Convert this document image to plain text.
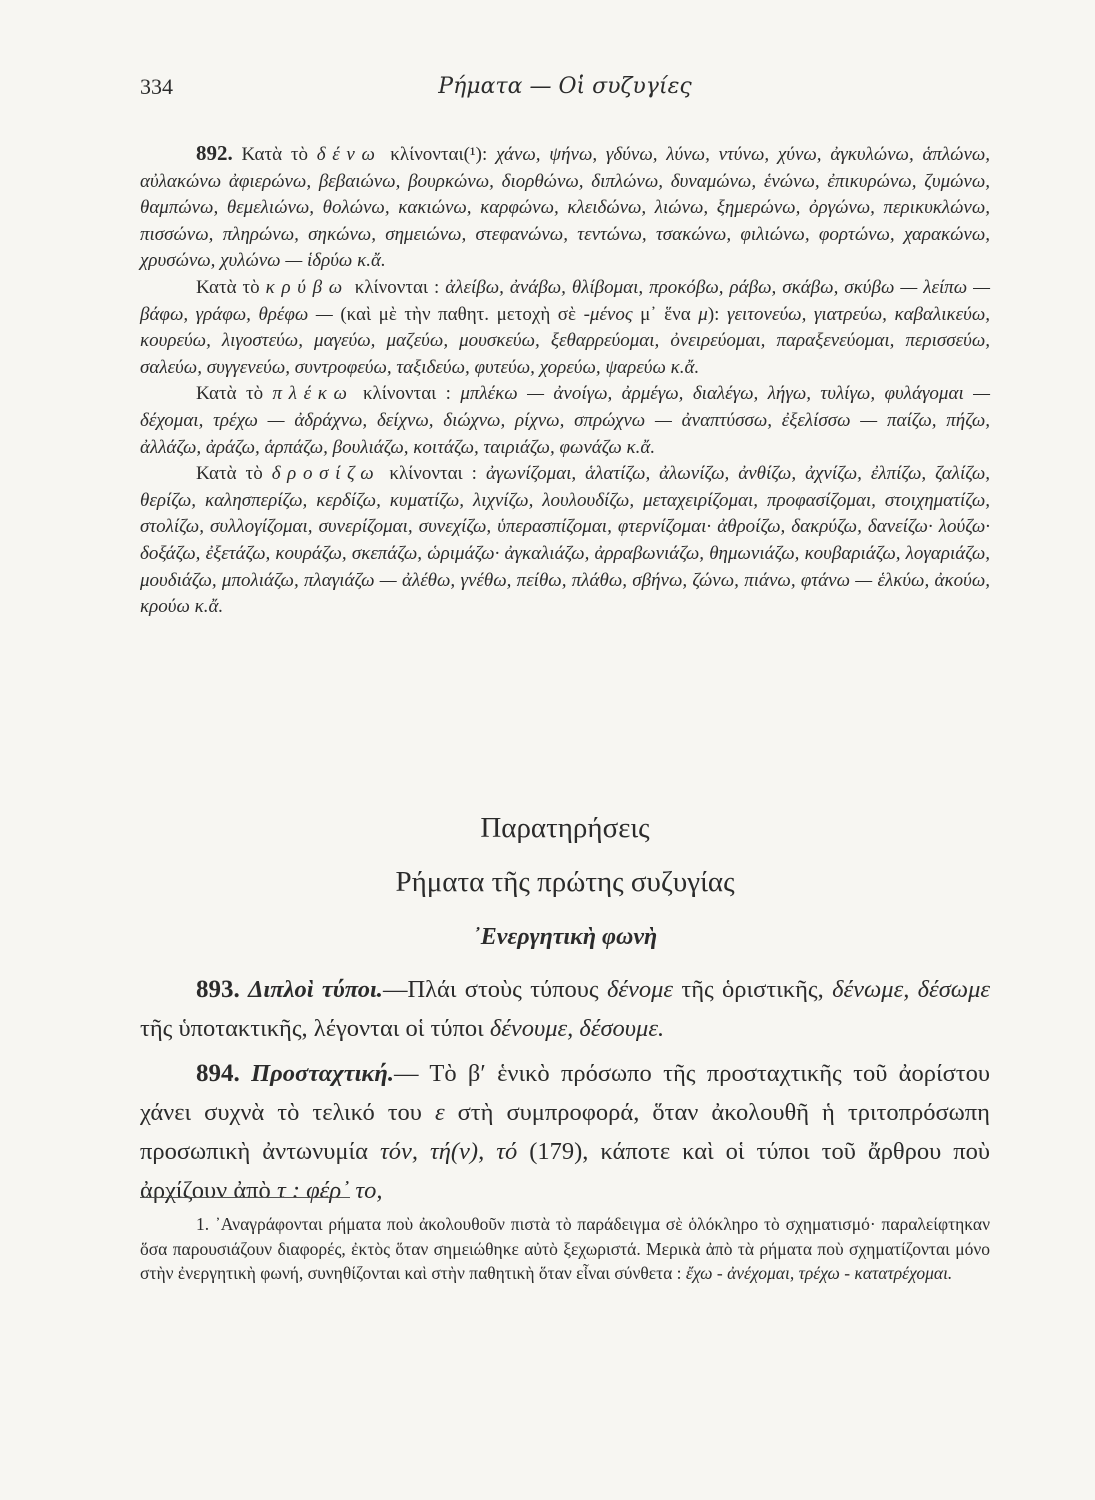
334	Ρήματα — Οἱ συζυγίες

892. Κατὰ τὸ δένω κλίνονται(¹): χάνω, ψήνω, γδύνω, λύνω, ντύνω, χύνω, ἀγκυλώνω, ἁπλώνω, αὐλακώνω ἀφιερώνω, βεβαιώνω, βουρκώνω, διορθώνω, διπλώνω, δυναμώνω, ἑνώνω, ἐπικυρώνω, ζυμώνω, θαμπώνω, θεμελιώνω, θολώνω, κακιώνω, καρφώνω, κλειδώνω, λιώνω, ξημερώνω, ὀργώνω, περικυκλώνω, πισσώνω, πληρώνω, σηκώνω, σημειώνω, στεφανώνω, τεντώνω, τσακώνω, φιλιώνω, φορτώνω, χαρακώνω, χρυσώνω, χυλώνω — ἱδρύω κ.ἄ.

Κατὰ τὸ κρύβω κλίνονται : ἀλείβω, ἀνάβω, θλίβομαι, προκόβω, ράβω, σκάβω, σκύβω — λείπω — βάφω, γράφω, θρέφω — (καὶ μὲ τὴν παθητ. μετοχὴ σὲ -μένος μ᾽ ἕνα μ): γειτονεύω, γιατρεύω, καβαλικεύω, κουρεύω, λιγοστεύω, μαγεύω, μαζεύω, μουσκεύω, ξεθαρρεύομαι, ὀνειρεύομαι, παραξενεύομαι, περισσεύω, σαλεύω, συγγενεύω, συντροφεύω, ταξιδεύω, φυτεύω, χορεύω, ψαρεύω κ.ἄ.

Κατὰ τὸ πλέκω κλίνονται : μπλέκω — ἀνοίγω, ἀρμέγω, διαλέγω, λήγω, τυλίγω, φυλάγομαι — δέχομαι, τρέχω — ἀδράχνω, δείχνω, διώχνω, ρίχνω, σπρώχνω — ἀναπτύσσω, ἐξελίσσω — παίζω, πήζω, ἀλλάζω, ἀράζω, ἁρπάζω, βουλιάζω, κοιτάζω, ταιριάζω, φωνάζω κ.ἄ.

Κατὰ τὸ δροσίζω κλίνονται : ἀγωνίζομαι, ἁλατίζω, ἀλωνίζω, ἀνθίζω, ἀχνίζω, ἐλπίζω, ζαλίζω, θερίζω, καλησπερίζω, κερδίζω, κυματίζω, λιχνίζω, λουλουδίζω, μεταχειρίζομαι, προφασίζομαι, στοιχηματίζω, στολίζω, συλλογίζομαι, συνερίζομαι, συνεχίζω, ὑπερασπίζομαι, φτερνίζομαι· ἀθροίζω, δακρύζω, δανείζω· λούζω· δοξάζω, ἐξετάζω, κουράζω, σκεπάζω, ὡριμάζω· ἀγκαλιάζω, ἀρραβωνιάζω, θημωνιάζω, κουβαριάζω, λογαριάζω, μουδιάζω, μπολιάζω, πλαγιάζω — ἀλέθω, γνέθω, πείθω, πλάθω, σβήνω, ζώνω, πιάνω, φτάνω — ἑλκύω, ἀκούω, κρούω κ.ἄ.

Παρατηρήσεις
Ρήματα τῆς πρώτης συζυγίας
᾿Ενεργητικὴ φωνὴ

893. Διπλοὶ τύποι.—Πλάι στοὺς τύπους δένομε τῆς ὁριστικῆς, δένωμε, δέσωμε τῆς ὑποτακτικῆς, λέγονται οἱ τύποι δένουμε, δέσουμε.

894. Προσταχτική.— Τὸ β′ ἑνικὸ πρόσωπο τῆς προσταχτικῆς τοῦ ἀορίστου χάνει συχνὰ τὸ τελικό του ε στὴ συμπροφορά, ὅταν ἀκολουθῆ ἡ τριτοπρόσωπη προσωπικὴ ἀντωνυμία τόν, τή(ν), τό (179), κάποτε καὶ οἱ τύποι τοῦ ἄρθρου ποὺ ἀρχίζουν ἀπὸ τ : φέρ᾽ το,

1. ᾿Αναγράφονται ρήματα ποὺ ἀκολουθοῦν πιστὰ τὸ παράδειγμα σὲ ὁλόκληρο τὸ σχηματισμό· παραλείφτηκαν ὅσα παρουσιάζουν διαφορές, ἐκτὸς ὅταν σημειώθηκε αὐτὸ ξεχωριστά. Μερικὰ ἀπὸ τὰ ρήματα ποὺ σχηματίζονται μόνο στὴν ἐνεργητικὴ φωνή, συνηθίζονται καὶ στὴν παθητικὴ ὅταν εἶναι σύνθετα : ἔχω - ἀνέχομαι, τρέχω - κατατρέχομαι.
